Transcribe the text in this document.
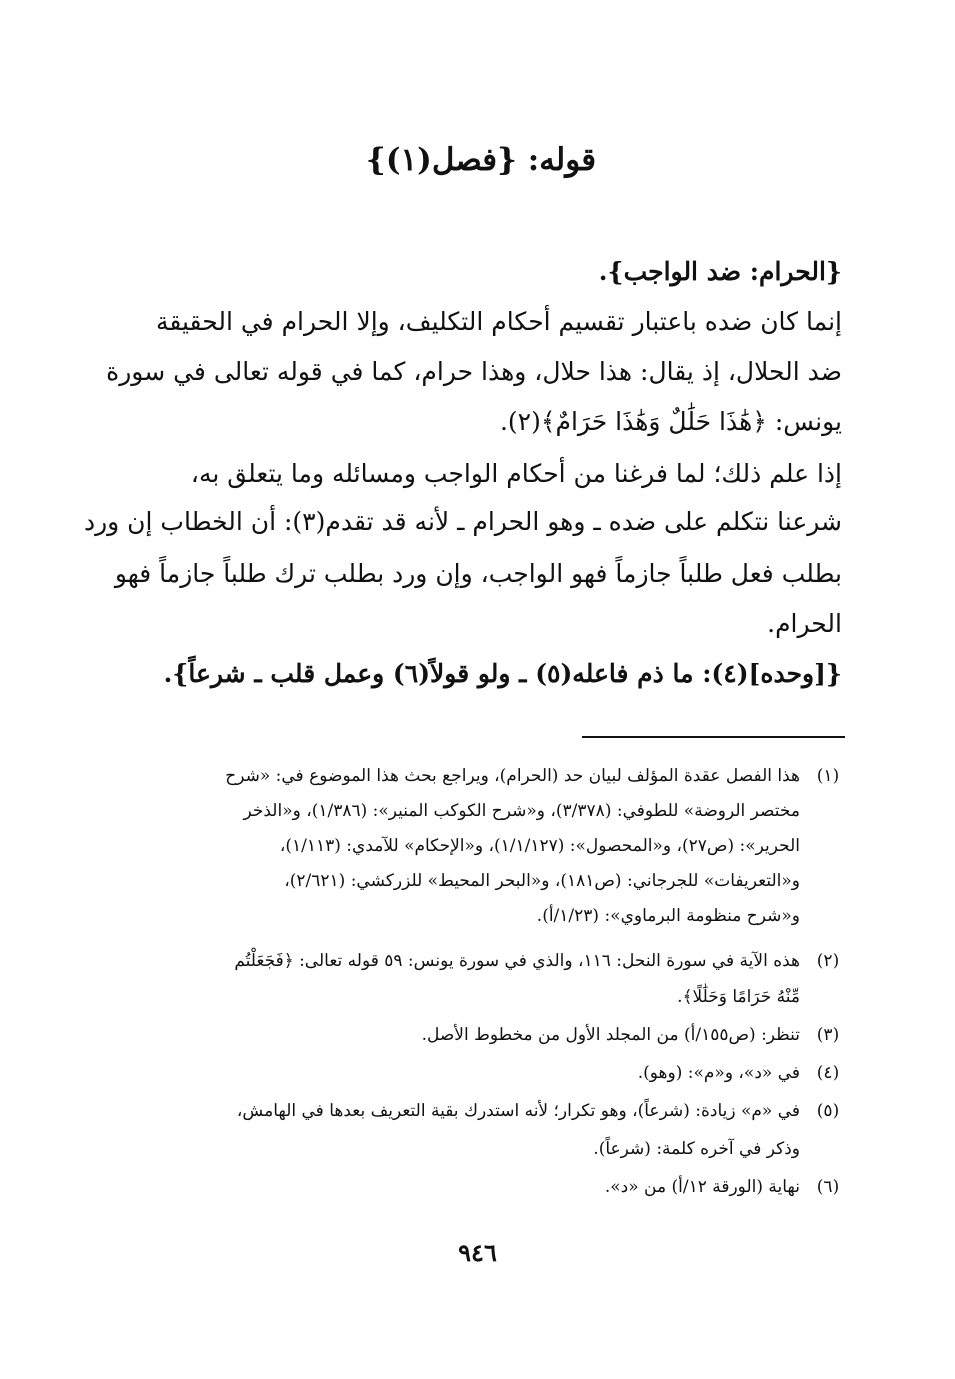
قوله: {فصل(١)}
{الحرام: ضد الواجب}.
إنما كان ضده باعتبار تقسيم أحكام التكليف، وإلا الحرام في الحقيقة
ضد الحلال، إذ يقال: هذا حلال، وهذا حرام، كما في قوله تعالى في سورة
يونس: ﴿هَٰذَا حَلَٰلٌ وَهَٰذَا حَرَامٌ﴾(٢).
إذا علم ذلك؛ لما فرغنا من أحكام الواجب ومسائله وما يتعلق به،
شرعنا نتكلم على ضده ـ وهو الحرام ـ لأنه قد تقدم(٣): أن الخطاب إن ورد
بطلب فعل طلباً جازماً فهو الواجب، وإن ورد بطلب ترك طلباً جازماً فهو
الحرام.
{[وحده](٤): ما ذم فاعله(٥) ـ ولو قولاً(٦) وعمل قلب ـ شرعاً}.
(١)
هذا الفصل عقدة المؤلف لبيان حد (الحرام)، ويراجع بحث هذا الموضوع في: «شرح
مختصر الروضة» للطوفي: (٣/٣٧٨)، و«شرح الكوكب المنير»: (١/٣٨٦)، و«الذخر
الحرير»: (ص٢٧)، و«المحصول»: (١/١/١٢٧)، و«الإحكام» للآمدي: (١/١١٣)،
و«التعريفات» للجرجاني: (ص١٨١)، و«البحر المحيط» للزركشي: (٢/٦٢١)،
و«شرح منظومة البرماوي»: (١/٢٣/أ).
(٢)
هذه الآية في سورة النحل: ١١٦، والذي في سورة يونس: ٥٩ قوله تعالى: ﴿فَجَعَلْتُم
مِّنْهُ حَرَامًا وَحَلَٰلًا﴾.
(٣)
تنظر: (ص١٥٥/أ) من المجلد الأول من مخطوط الأصل.
(٤)
في «د»، و«م»: (وهو).
(٥)
في «م» زيادة: (شرعاً)، وهو تكرار؛ لأنه استدرك بقية التعريف بعدها في الهامش،
وذكر في آخره كلمة: (شرعاً).
(٦)
نهاية (الورقة ١٢/أ) من «د».
٩٤٦
